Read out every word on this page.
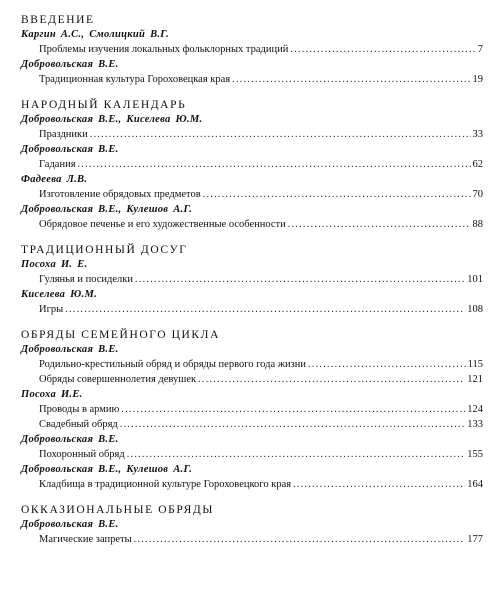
ВВЕДЕНИЕ
Каргин А.С., Смолицкий В.Г.
Проблемы изучения локальных фольклорных традиций . . .	7
Добровольская В.Е.
Традиционная культура Гороховецкая края . . .	19
НАРОДНЫЙ КАЛЕНДАРЬ
Добровольская В.Е., Киселева Ю.М.
Праздники . . .	33
Добровольская В.Е.
Гадания . . .	62
Фадеева Л.В.
Изготовление обрядовых предметов . . .	70
Добровольская В.Е., Кулешов А.Г.
Обрядовое печенье и его художественные особенности . . .	88
ТРАДИЦИОННЫЙ ДОСУГ
Посоха И. Е.
Гулянья и посиделки . . .	101
Киселева Ю.М.
Игры . . .	108
ОБРЯДЫ СЕМЕЙНОГО ЦИКЛА
Добровольская В.Е.
Родильно-крестильный обряд и обряды первого года жизни . . .	115
Обряды совершеннолетия девушек . . .	121
Посоха И.Е.
Проводы в армию . . .	124
Свадебный обряд . . .	133
Добровольская В.Е.
Похоронный обряд . . .	155
Добровольская В.Е., Кулешов А.Г.
Кладбища в традиционной культуре Гороховецкого края . . .	164
ОККАЗИОНАЛЬНЫЕ ОБРЯДЫ
Добровольская В.Е.
Магические запреты . . .	177
